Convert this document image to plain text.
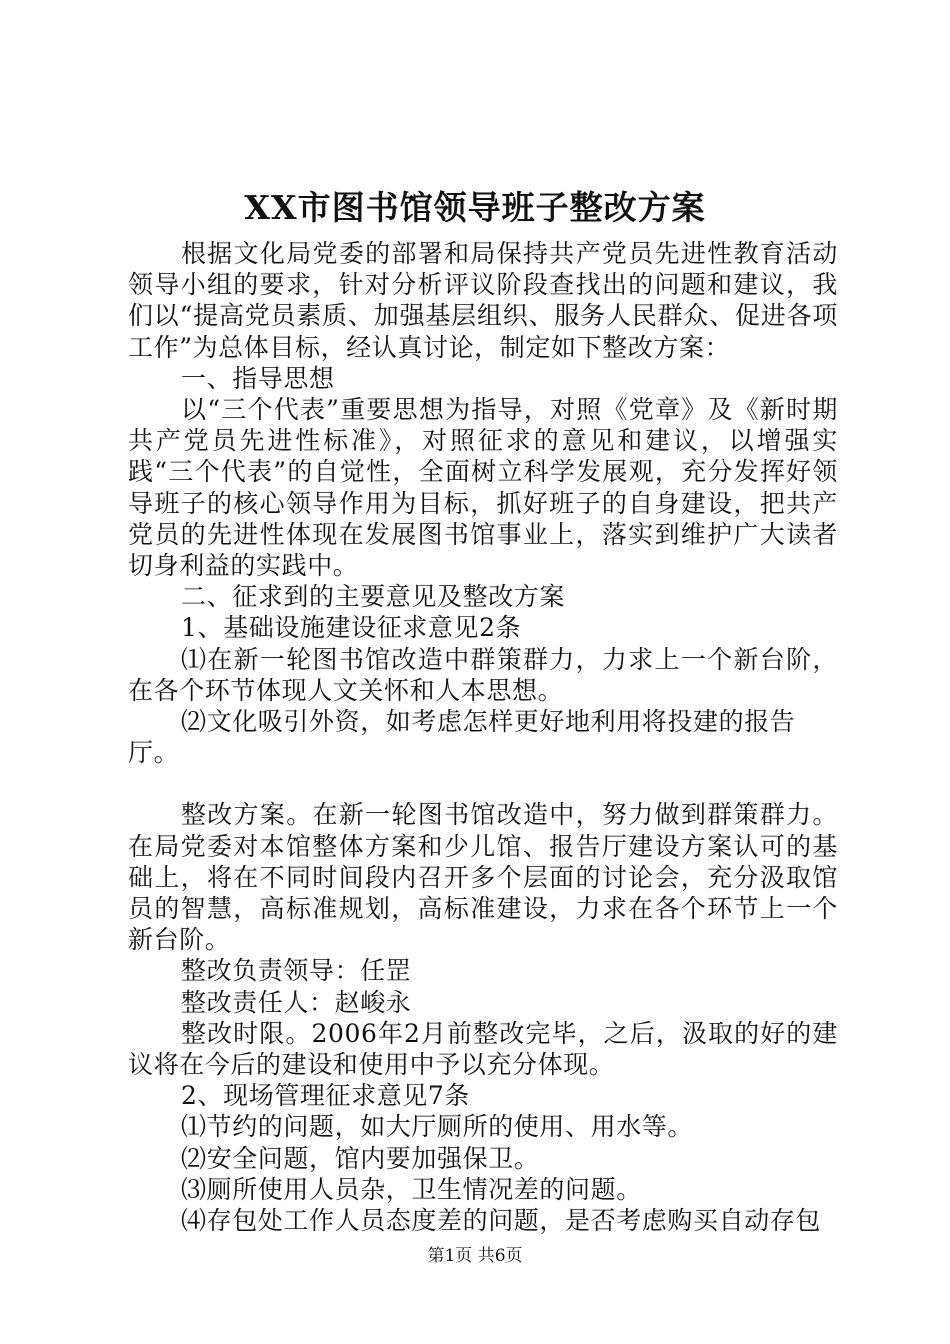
XX市图书馆领导班子整改方案

根据文化局党委的部署和局保持共产党员先进性教育活动领导小组的要求，针对分析评议阶段查找出的问题和建议，我们以“提高党员素质、加强基层组织、服务人民群众、促进各项工作”为总体目标，经认真讨论，制定如下整改方案：

一、指导思想

以“三个代表”重要思想为指导，对照《党章》及《新时期共产党员先进性标准》，对照征求的意见和建议，以增强实践“三个代表”的自觉性，全面树立科学发展观，充分发挥好领导班子的核心领导作用为目标，抓好班子的自身建设，把共产党员的先进性体现在发展图书馆事业上，落实到维护广大读者切身利益的实践中。

二、征求到的主要意见及整改方案

1、基础设施建设征求意见2条

⑴在新一轮图书馆改造中群策群力，力求上一个新台阶，在各个环节体现人文关怀和人本思想。

⑵文化吸引外资，如考虑怎样更好地利用将投建的报告厅。

整改方案。在新一轮图书馆改造中，努力做到群策群力。在局党委对本馆整体方案和少儿馆、报告厅建设方案认可的基础上，将在不同时间段内召开多个层面的讨论会，充分汲取馆员的智慧，高标准规划，高标准建设，力求在各个环节上一个新台阶。

整改负责领导：任罡

整改责任人：赵峻永

整改时限。2006年2月前整改完毕，之后，汲取的好的建议将在今后的建设和使用中予以充分体现。

2、现场管理征求意见7条

⑴节约的问题，如大厅厕所的使用、用水等。

⑵安全问题，馆内要加强保卫。

⑶厕所使用人员杂，卫生情况差的问题。

⑷存包处工作人员态度差的问题，是否考虑购买自动存包

第1页 共6页
